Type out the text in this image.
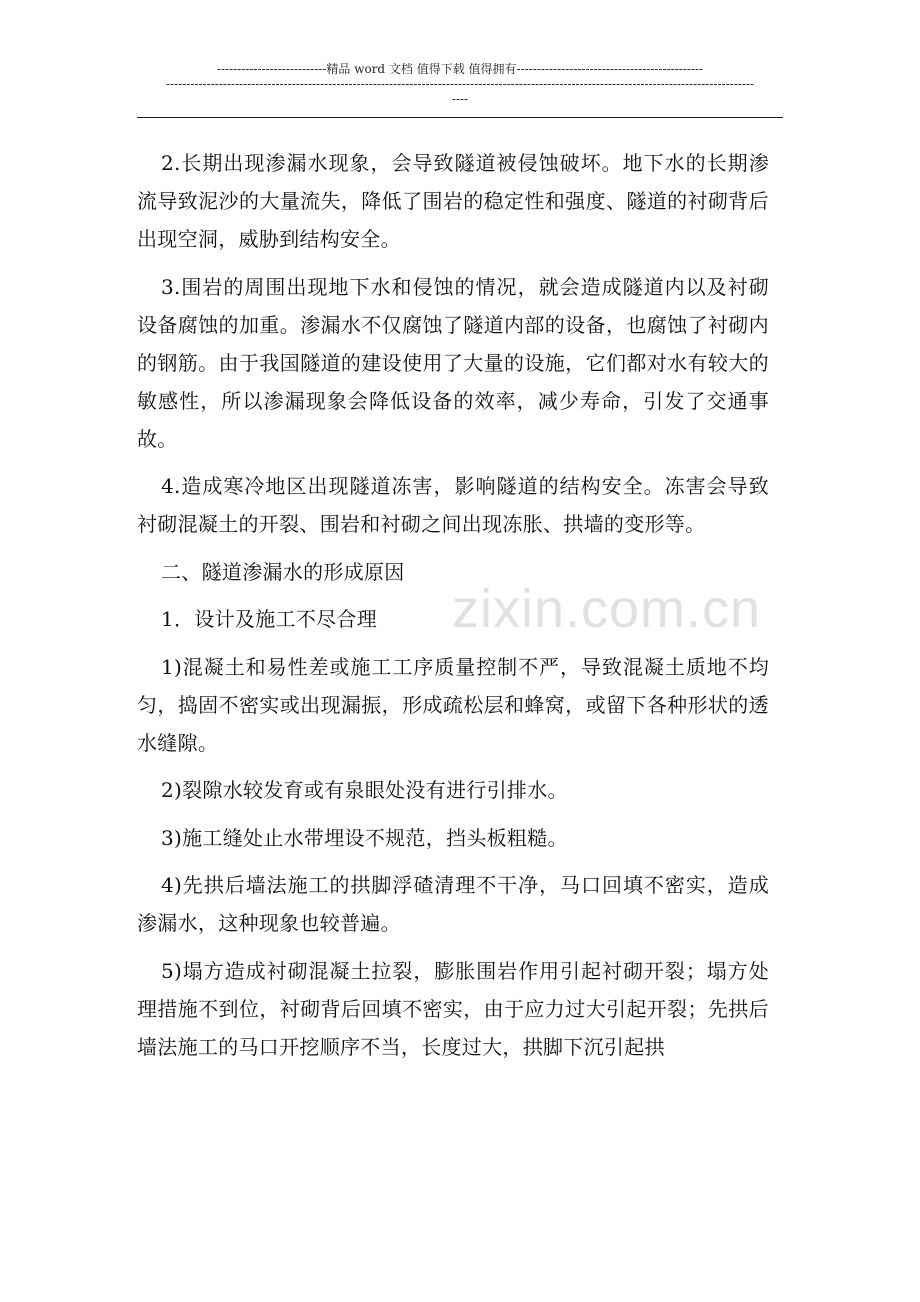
---------------------------精品 word 文档 值得下载 值得拥有----------------------------------------------
-------------------------------------------------------------------------------------------------------------------------------------------------
----

2.长期出现渗漏水现象，会导致隧道被侵蚀破坏。地下水的长期渗流导致泥沙的大量流失，降低了围岩的稳定性和强度、隧道的衬砌背后出现空洞，威胁到结构安全。

3.围岩的周围出现地下水和侵蚀的情况，就会造成隧道内以及衬砌设备腐蚀的加重。渗漏水不仅腐蚀了隧道内部的设备，也腐蚀了衬砌内的钢筋。由于我国隧道的建设使用了大量的设施，它们都对水有较大的敏感性，所以渗漏现象会降低设备的效率，减少寿命，引发了交通事故。

4.造成寒冷地区出现隧道冻害，影响隧道的结构安全。冻害会导致衬砌混凝土的开裂、围岩和衬砌之间出现冻胀、拱墙的变形等。

二、隧道渗漏水的形成原因

1．设计及施工不尽合理

1)混凝土和易性差或施工工序质量控制不严，导致混凝土质地不均匀，捣固不密实或出现漏振，形成疏松层和蜂窝，或留下各种形状的透水缝隙。

2)裂隙水较发育或有泉眼处没有进行引排水。

3)施工缝处止水带埋设不规范，挡头板粗糙。

4)先拱后墙法施工的拱脚浮碴清理不干净，马口回填不密实，造成渗漏水，这种现象也较普遍。

5)塌方造成衬砌混凝土拉裂，膨胀围岩作用引起衬砌开裂；塌方处理措施不到位，衬砌背后回填不密实，由于应力过大引起开裂；先拱后墙法施工的马口开挖顺序不当，长度过大，拱脚下沉引起拱

zixin.com.cn
